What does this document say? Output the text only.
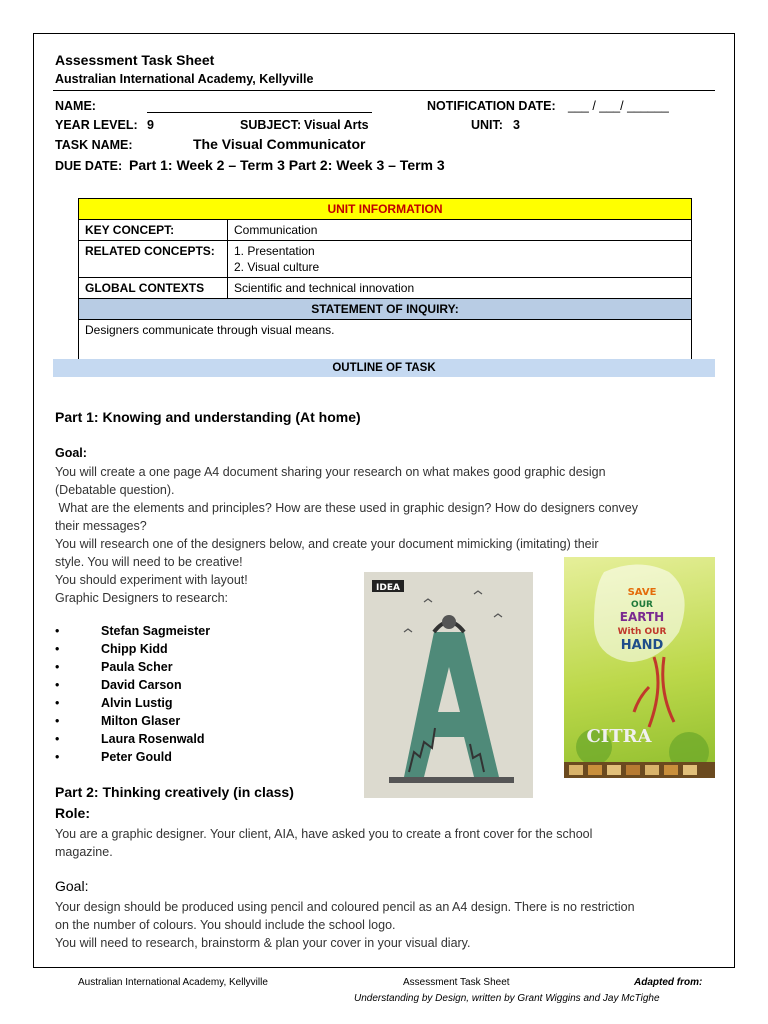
Assessment Task Sheet
Australian International Academy, Kellyville
NAME:	NOTIFICATION DATE: ___ / ___/ ______
YEAR LEVEL: 9	SUBJECT: Visual Arts	UNIT: 3
TASK NAME:	The Visual Communicator
DUE DATE: Part 1: Week 2 – Term 3 Part 2: Week 3 – Term 3
UNIT INFORMATION	
KEY CONCEPT:	Communication
RELATED CONCEPTS:	1. Presentation
2. Visual culture

GLOBAL CONTEXTS	Scientific and technical innovation
STATEMENT OF INQUIRY:	
Designers communicate through visual means.	
OUTLINE OF TASK
Part 1: Knowing and understanding (At home)
Goal:
You will create a one page A4 document sharing your research on what makes good graphic design
(Debatable question).
What are the elements and principles? How are these used in graphic design? How do designers convey
their messages?
You will research one of the designers below, and create your document mimicking (imitating) their
style. You will need to be creative!
You should experiment with layout!
Graphic Designers to research:
• Stefan Sagmeister
• Chipp Kidd
• Paula Scher
• David Carson
• Alvin Lustig
• Milton Glaser
• Laura Rosenwald
• Peter Gould
IDEA	SAVE
OUR
EARTH
With OUR
HAND
CITRA
Part 2: Thinking creatively (in class)
Role:
You are a graphic designer. Your client, AIA, have asked you to create a front cover for the school
magazine.
Goal:
Your design should be produced using pencil and coloured pencil as an A4 design. There is no restriction
on the number of colours. You should include the school logo.
You will need to research, brainstorm & plan your cover in your visual diary.
Australian International Academy, Kellyville	Assessment Task Sheet	Adapted from:
Understanding by Design, written by Grant Wiggins and Jay McTighe
